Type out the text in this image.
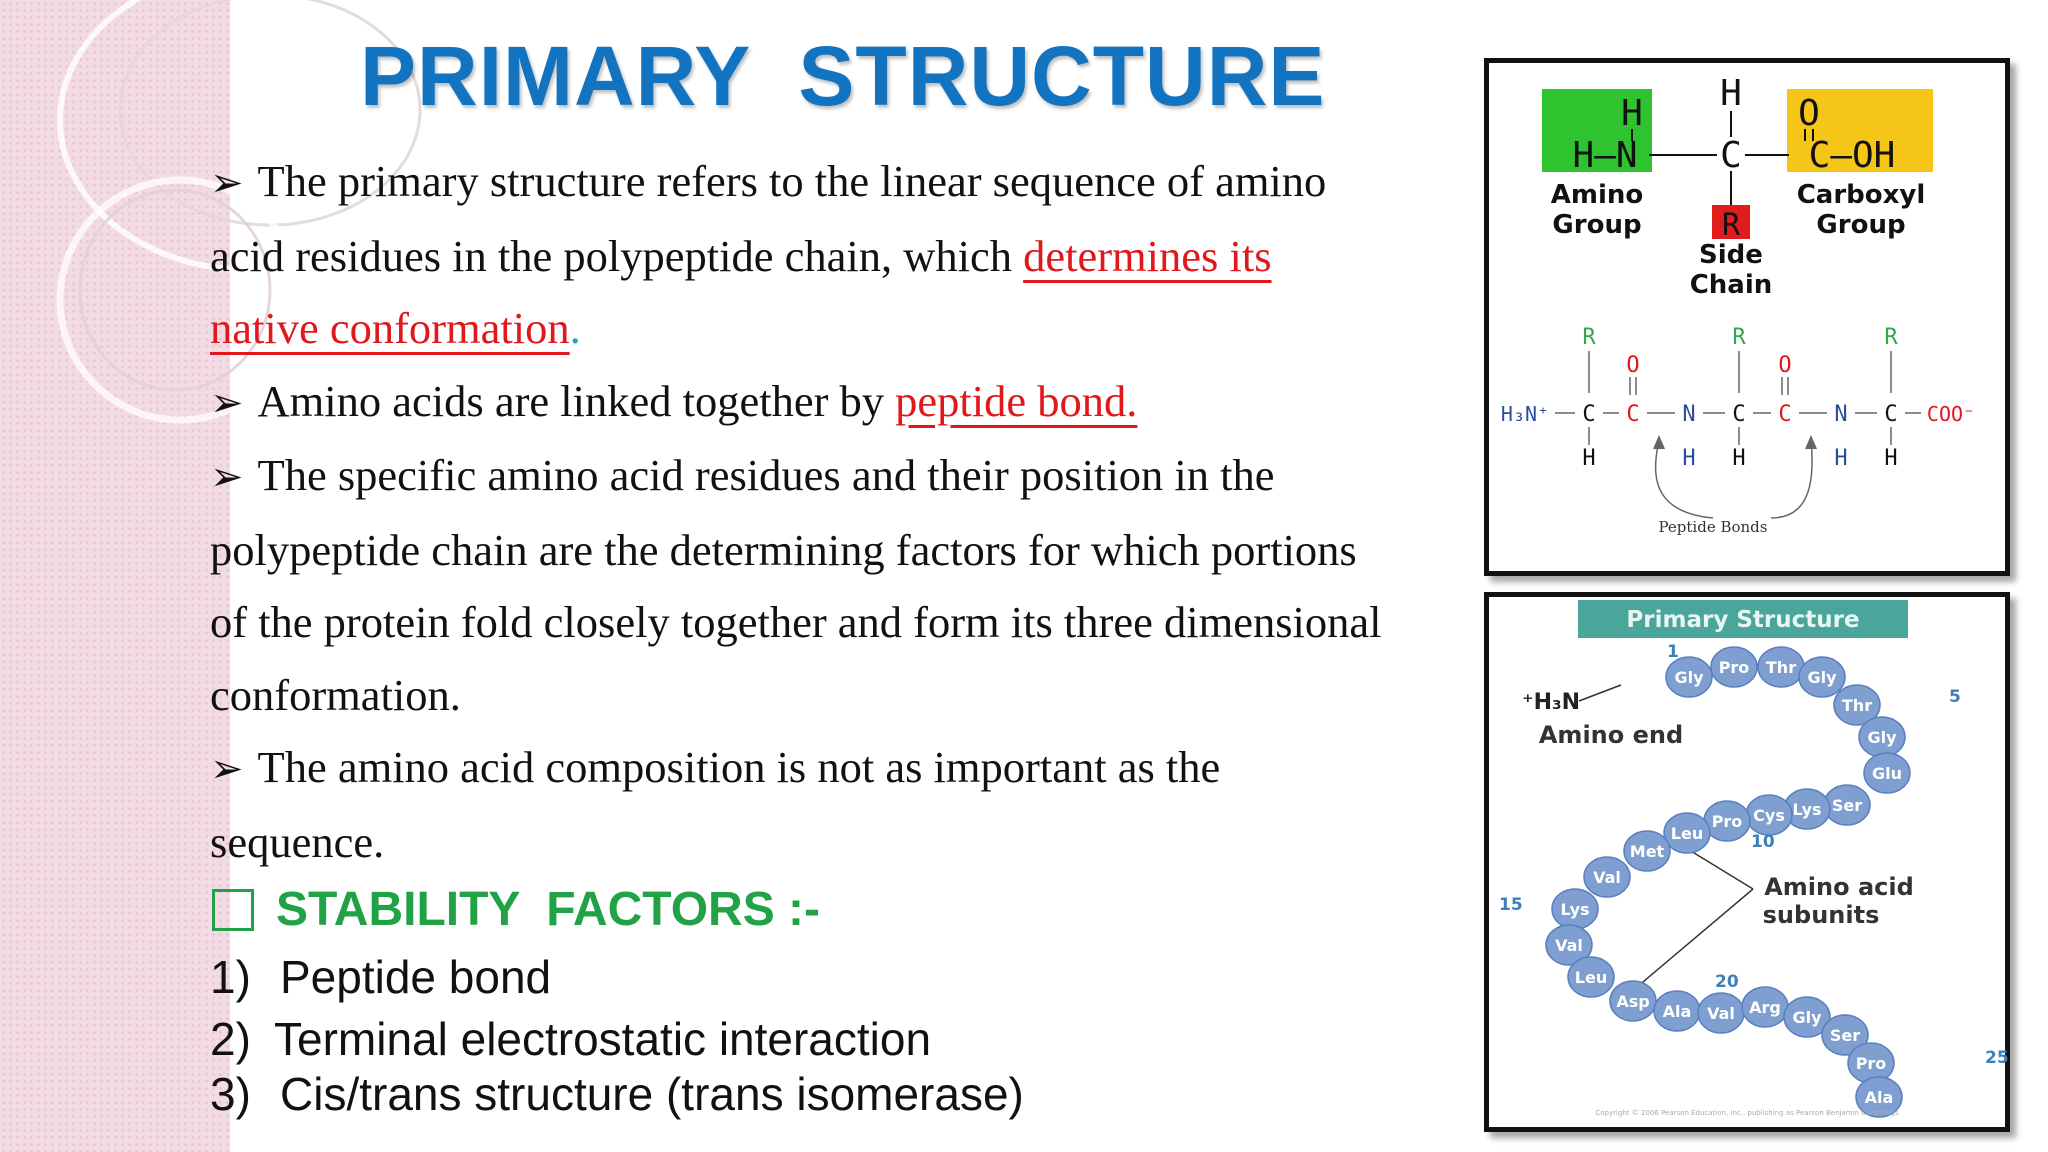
PRIMARY  STRUCTURE
➢ The primary structure refers to the linear sequence of amino acid residues in the polypeptide chain, which determines its native conformation.
➢ Amino acids are linked together by peptide bond.
➢ The specific amino acid residues and their position in the polypeptide chain are the determining factors for which portions of the protein fold closely together and form its three dimensional conformation.
➢ The amino acid composition is not as important as the sequence.
STABILITY  FACTORS :-
1) Peptide bond
2) Terminal electrostatic interaction
3) Cis/trans structure (trans isomerase)
H
H–N
H
C
O
C–OH
R
Amino
Group
Carboxyl
Group
Side
Chain
R	R	R
O	O
H₃N⁺ C C N C C N C COO⁻
H	H H	H H
Peptide Bonds
Primary Structure
⁺H₃N
Amino end
Amino acid
subunits
Gly
Pro Thr
Gly
Thr
Gly
Glu
Ser
Lys
Cys
Pro
Leu
Met
Val
Lys
Val
Leu
Asp
Ala Val Arg
Gly
Ser
Pro
Ala
1
5
10
15
20
25
Copyright © 2006 Pearson Education, Inc., publishing as Pearson Benjamin Cummings
